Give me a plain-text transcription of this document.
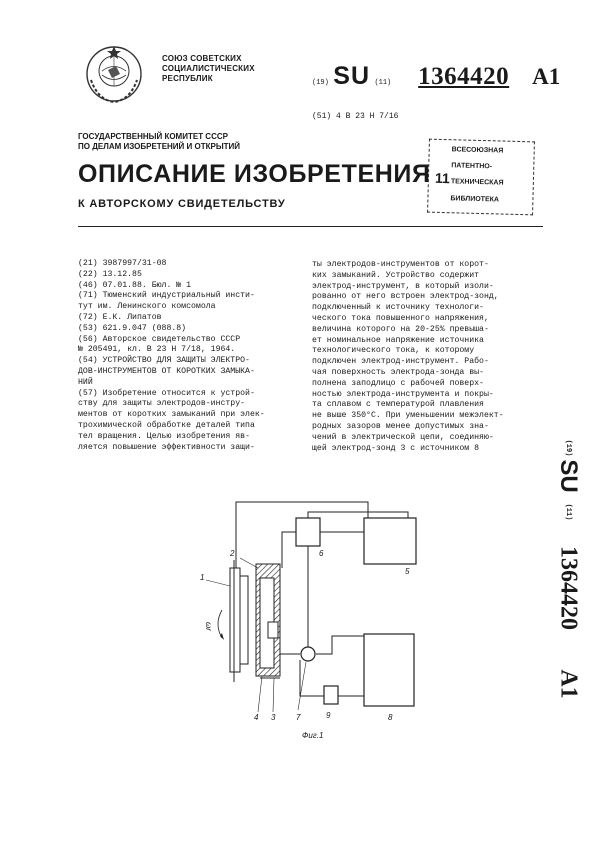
СОЮЗ СОВЕТСКИХ
СОЦИАЛИСТИЧЕСКИХ
РЕСПУБЛИК	(19) SU (11) 1364420 A1
(51) 4 B 23 H 7/16
ГОСУДАРСТВЕННЫЙ КОМИТЕТ СССР
ПО ДЕЛАМ ИЗОБРЕТЕНИЙ И ОТКРЫТИЙ
ОПИСАНИЕ ИЗОБРЕТЕНИЯ
К АВТОРСКОМУ СВИДЕТЕЛЬСТВУ
11
ВСЕСОЮЗНАЯ
ПАТЕНТНО-
ТЕХНИЧЕСКАЯ
БИБЛИОТЕКА
(21) 3987997/31-08
(22) 13.12.85
(46) 07.01.88. Бюл. № 1
(71) Тюменский индустриальный инсти-
тут им. Ленинского комсомола
(72) Е.К. Липатов
(53) 621.9.047 (088.8)
(56) Авторское свидетельство СССР
№ 205491, кл. В 23 Н 7/18, 1964.
(54) УСТРОЙСТВО ДЛЯ ЗАЩИТЫ ЭЛЕКТРО-
ДОВ-ИНСТРУМЕНТОВ ОТ КОРОТКИХ ЗАМЫКА-
НИЙ
(57) Изобретение относится к устрой-
ству для защиты электродов-инстру-
ментов от коротких замыканий при элек-
трохимической обработке деталей типа
тел вращения. Целью изобретения яв-
ляется повышение эффективности защи-
ты электродов-инструментов от корот-
ких замыканий. Устройство содержит
электрод-инструмент, в который изоли-
рованно от него встроен электрод-зонд,
подключенный к источнику технологи-
ческого тока повышенного напряжения,
величина которого на 20-25% превыша-
ет номинальное напряжение источника
технологического тока, к которому
подключен электрод-инструмент. Рабо-
чая поверхность электрода-зонда вы-
полнена заподлицо с рабочей поверх-
ностью электрода-инструмента и покры-
та сплавом с температурой плавления
не выше 350°С. При уменьшении межэлект-
родных зазоров менее допустимых зна-
чений в электрической цепи, соединяю-
щей электрод-зонд 3 с источником 8	(19)
SU
(11)
1364420
A1
1
2
3
4
5
6
7	8
9
ωr
Фиг.1
